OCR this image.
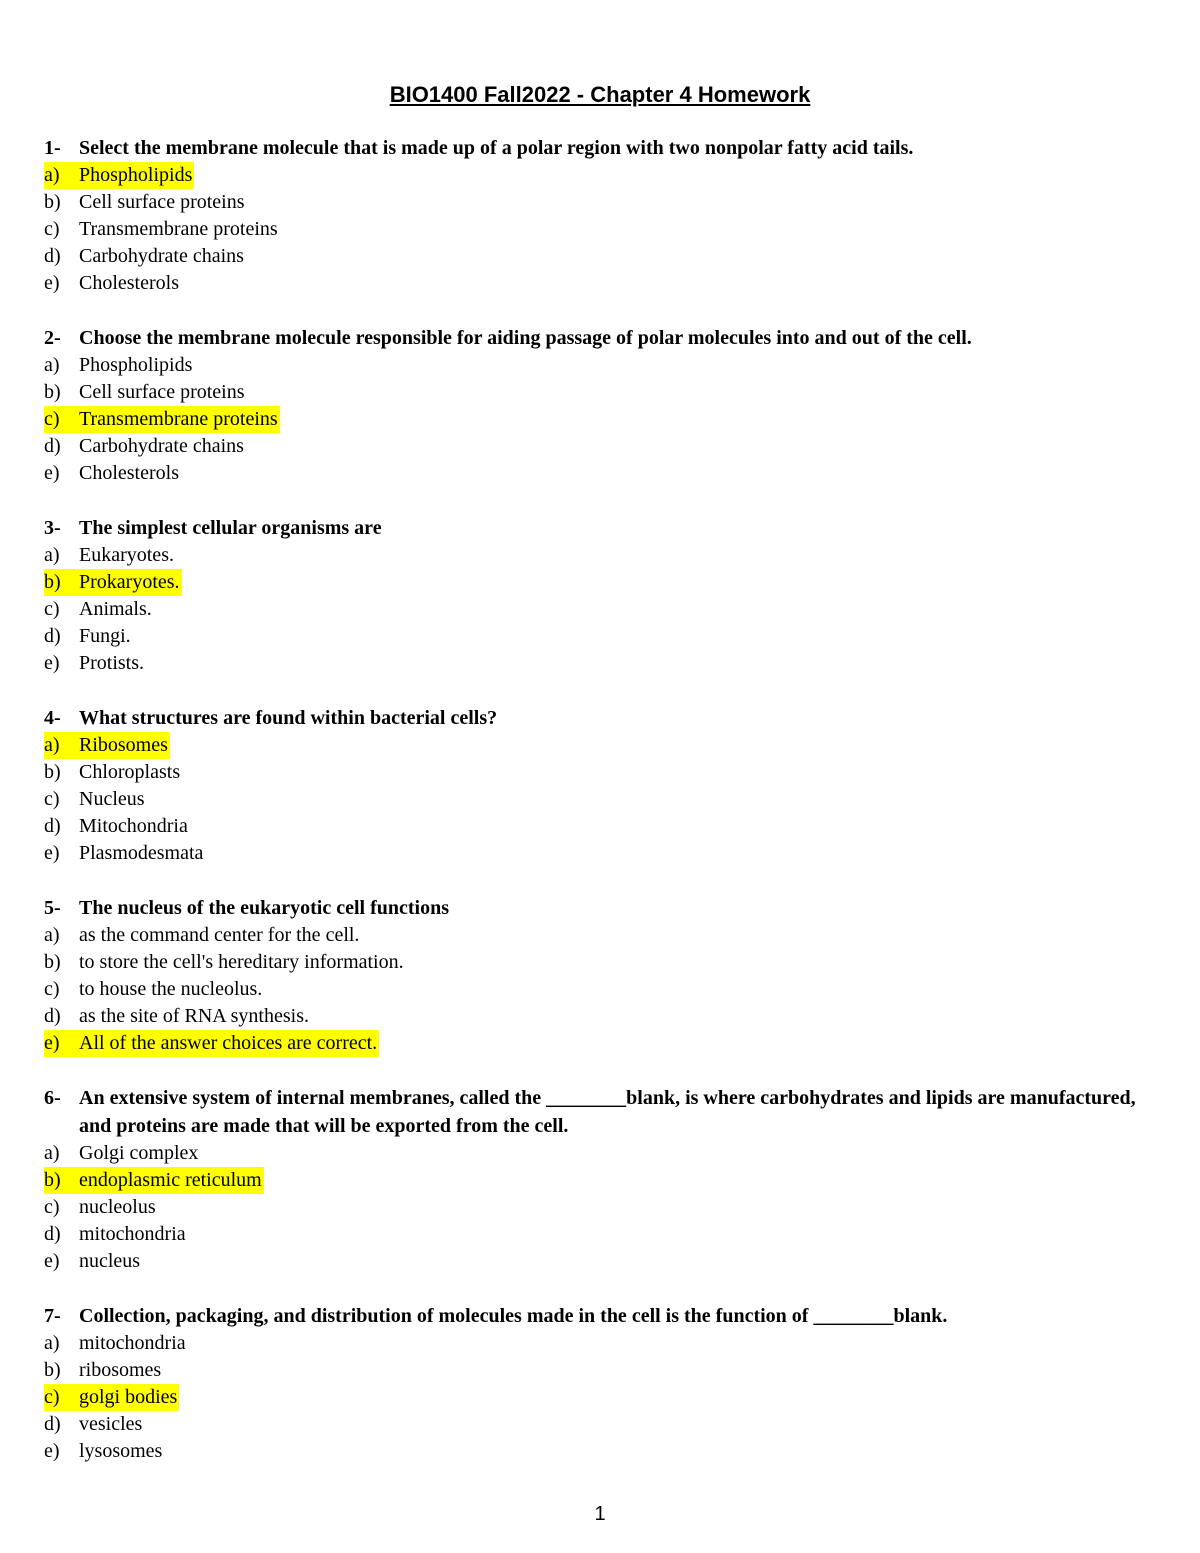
BIO1400 Fall2022 - Chapter 4 Homework
1- Select the membrane molecule that is made up of a polar region with two nonpolar fatty acid tails.
a) Phospholipids
b) Cell surface proteins
c) Transmembrane proteins
d) Carbohydrate chains
e) Cholesterols
2- Choose the membrane molecule responsible for aiding passage of polar molecules into and out of the cell.
a) Phospholipids
b) Cell surface proteins
c) Transmembrane proteins
d) Carbohydrate chains
e) Cholesterols
3- The simplest cellular organisms are
a) Eukaryotes.
b) Prokaryotes.
c) Animals.
d) Fungi.
e) Protists.
4- What structures are found within bacterial cells?
a) Ribosomes
b) Chloroplasts
c) Nucleus
d) Mitochondria
e) Plasmodesmata
5- The nucleus of the eukaryotic cell functions
a) as the command center for the cell.
b) to store the cell's hereditary information.
c) to house the nucleolus.
d) as the site of RNA synthesis.
e) All of the answer choices are correct.
6- An extensive system of internal membranes, called the ________blank, is where carbohydrates and lipids are manufactured, and proteins are made that will be exported from the cell.
a) Golgi complex
b) endoplasmic reticulum
c) nucleolus
d) mitochondria
e) nucleus
7- Collection, packaging, and distribution of molecules made in the cell is the function of ________blank.
a) mitochondria
b) ribosomes
c) golgi bodies
d) vesicles
e) lysosomes
1
